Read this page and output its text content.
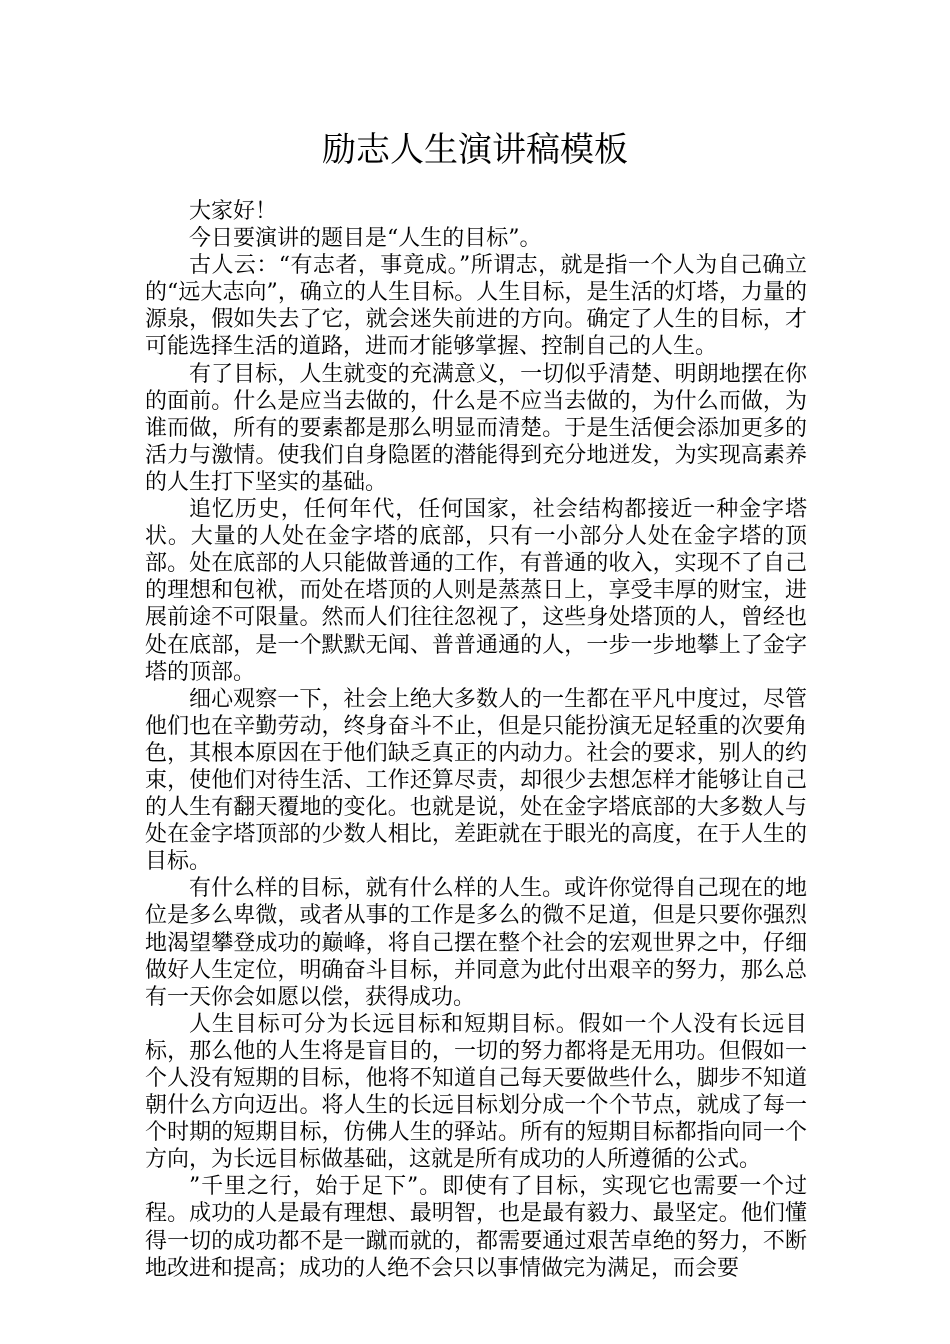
励志人生演讲稿模板

大家好！

今日要演讲的题目是“人生的目标”。

古人云：“有志者，事竟成。”所谓志，就是指一个人为自己确立的“远大志向”，确立的人生目标。人生目标，是生活的灯塔，力量的源泉，假如失去了它，就会迷失前进的方向。确定了人生的目标，才可能选择生活的道路，进而才能够掌握、控制自己的人生。

有了目标，人生就变的充满意义，一切似乎清楚、明朗地摆在你的面前。什么是应当去做的，什么是不应当去做的，为什么而做，为谁而做，所有的要素都是那么明显而清楚。于是生活便会添加更多的活力与激情。使我们自身隐匿的潜能得到充分地迸发，为实现高素养的人生打下坚实的基础。

追忆历史，任何年代，任何国家，社会结构都接近一种金字塔状。大量的人处在金字塔的底部，只有一小部分人处在金字塔的顶部。处在底部的人只能做普通的工作，有普通的收入，实现不了自己的理想和包袱，而处在塔顶的人则是蒸蒸日上，享受丰厚的财宝，进展前途不可限量。然而人们往往忽视了，这些身处塔顶的人，曾经也处在底部，是一个默默无闻、普普通通的人，一步一步地攀上了金字塔的顶部。

细心观察一下，社会上绝大多数人的一生都在平凡中度过，尽管他们也在辛勤劳动，终身奋斗不止，但是只能扮演无足轻重的次要角色，其根本原因在于他们缺乏真正的内动力。社会的要求，别人的约束，使他们对待生活、工作还算尽责，却很少去想怎样才能够让自己的人生有翻天覆地的变化。也就是说，处在金字塔底部的大多数人与处在金字塔顶部的少数人相比，差距就在于眼光的高度，在于人生的目标。

有什么样的目标，就有什么样的人生。或许你觉得自己现在的地位是多么卑微，或者从事的工作是多么的微不足道，但是只要你强烈地渴望攀登成功的巅峰，将自己摆在整个社会的宏观世界之中，仔细做好人生定位，明确奋斗目标，并同意为此付出艰辛的努力，那么总有一天你会如愿以偿，获得成功。

人生目标可分为长远目标和短期目标。假如一个人没有长远目标，那么他的人生将是盲目的，一切的努力都将是无用功。但假如一个人没有短期的目标，他将不知道自己每天要做些什么，脚步不知道朝什么方向迈出。将人生的长远目标划分成一个个节点，就成了每一个时期的短期目标，仿佛人生的驿站。所有的短期目标都指向同一个方向，为长远目标做基础，这就是所有成功的人所遵循的公式。

”千里之行，始于足下”。即使有了目标，实现它也需要一个过程。成功的人是最有理想、最明智，也是最有毅力、最坚定。他们懂得一切的成功都不是一蹴而就的，都需要通过艰苦卓绝的努力，不断地改进和提高；成功的人绝不会只以事情做完为满足，而会要
